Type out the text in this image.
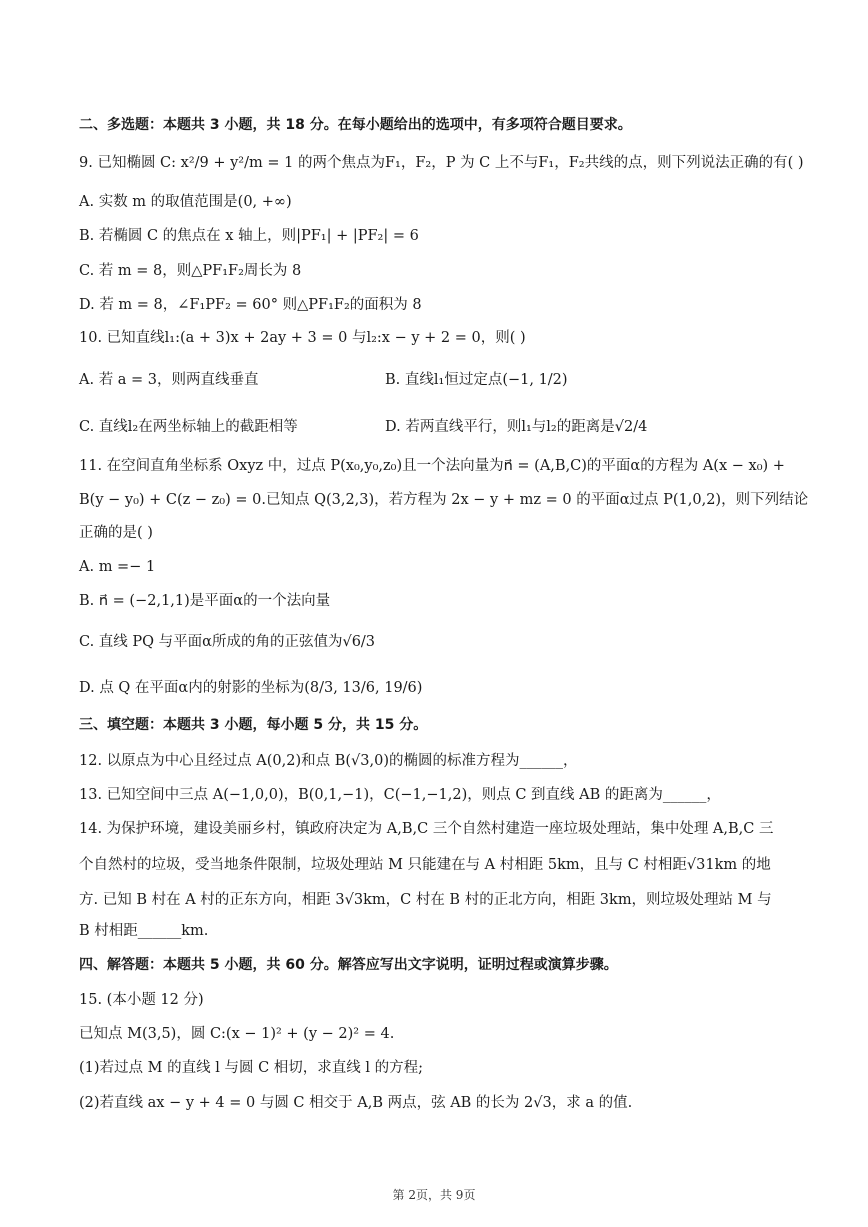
二、多选题：本题共 3 小题，共 18 分。在每小题给出的选项中，有多项符合题目要求。
9. 已知椭圆 C: x²/9 + y²/m = 1 的两个焦点为F₁，F₂，P 为 C 上不与F₁，F₂共线的点，则下列说法正确的有( )
A. 实数 m 的取值范围是(0, +∞)
B. 若椭圆 C 的焦点在 x 轴上，则|PF₁| + |PF₂| = 6
C. 若 m = 8，则△PF₁F₂周长为 8
D. 若 m = 8，∠F₁PF₂ = 60° 则△PF₁F₂的面积为 8
10. 已知直线l₁:(a + 3)x + 2ay + 3 = 0 与l₂:x − y + 2 = 0，则( )
A. 若 a = 3，则两直线垂直	B. 直线l₁恒过定点(−1, 1/2)
C. 直线l₂在两坐标轴上的截距相等	D. 若两直线平行，则l₁与l₂的距离是√2/4
11. 在空间直角坐标系 Oxyz 中，过点 P(x₀,y₀,z₀)且一个法向量为n⃗ = (A,B,C)的平面α的方程为 A(x − x₀) +
B(y − y₀) + C(z − z₀) = 0.已知点 Q(3,2,3)，若方程为 2x − y + mz = 0 的平面α过点 P(1,0,2)，则下列结论
正确的是( )
A. m =− 1
B. n⃗ = (−2,1,1)是平面α的一个法向量
C. 直线 PQ 与平面α所成的角的正弦值为√6/3
D. 点 Q 在平面α内的射影的坐标为(8/3, 13/6, 19/6)
三、填空题：本题共 3 小题，每小题 5 分，共 15 分。
12. 以原点为中心且经过点 A(0,2)和点 B(√3,0)的椭圆的标准方程为______，
13. 已知空间中三点 A(−1,0,0)，B(0,1,−1)，C(−1,−1,2)，则点 C 到直线 AB 的距离为______，
14. 为保护环境，建设美丽乡村，镇政府决定为 A,B,C 三个自然村建造一座垃圾处理站，集中处理 A,B,C 三
个自然村的垃圾，受当地条件限制，垃圾处理站 M 只能建在与 A 村相距 5km，且与 C 村相距√31km 的地
方. 已知 B 村在 A 村的正东方向，相距 3√3km，C 村在 B 村的正北方向，相距 3km，则垃圾处理站 M 与
B 村相距______km.
四、解答题：本题共 5 小题，共 60 分。解答应写出文字说明，证明过程或演算步骤。
15. (本小题 12 分)
已知点 M(3,5)，圆 C:(x − 1)² + (y − 2)² = 4.
(1)若过点 M 的直线 l 与圆 C 相切，求直线 l 的方程;
(2)若直线 ax − y + 4 = 0 与圆 C 相交于 A,B 两点，弦 AB 的长为 2√3，求 a 的值.
第 2页，共 9页
